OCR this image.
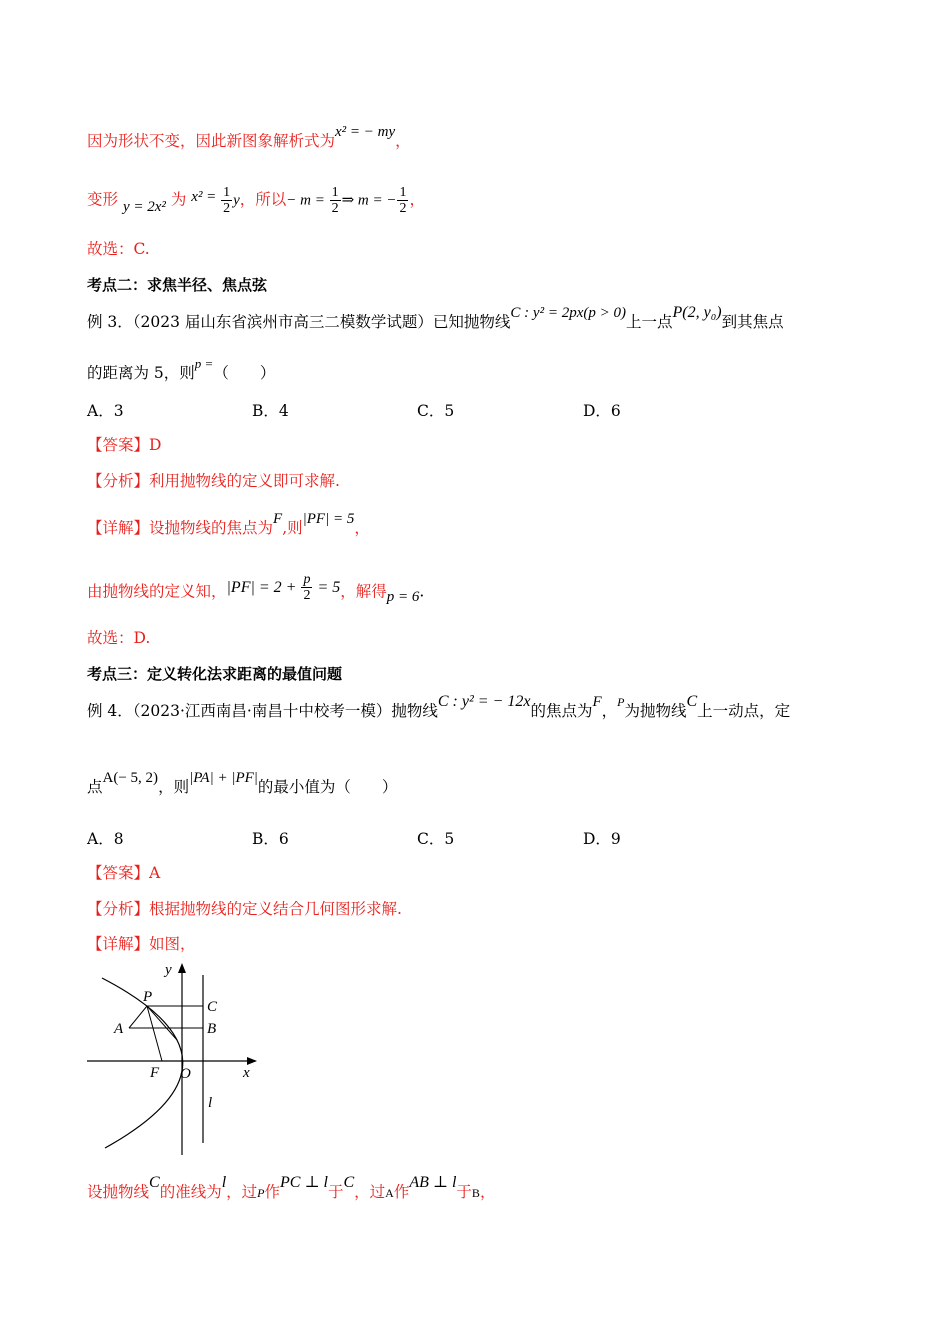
因为形状不变，因此新图象解析式为x² = − my，
变形 y = 2x² 为 $x^2 = \frac{1}{2}$ y，所以− $m = \frac{1}{2}$ ⇒ m = − $\frac{1}{2}$ ，
故选：C.
考点二：求焦半径、焦点弦
例 3．（2023 届山东省滨州市高三二模数学试题）已知抛物线C : y² = 2px(p > 0)上一点P(2, y₀)到其焦点
的距离为 5，则$^{p =}$（　　）
A．3	B．4	C．5	D．6
【答案】D
【分析】利用抛物线的定义即可求解.
【详解】设抛物线的焦点为F,则|PF| = 5，
由抛物线的定义知，$|PF| = 2 + \frac{p}{2} = 5$，解得p = 6.
故选：D.
考点三：定义转化法求距离的最值问题
例 4．（2023·江西南昌·南昌十中校考一模）抛物线C : y² = − 12x的焦点为F，$^P$为抛物线C上一动点，定
点A(− 5, 2)，则|PA| + |PF|的最小值为（　　）
A．8	B．6	C．5	D．9
【答案】A
【分析】根据抛物线的定义结合几何图形求解.
【详解】如图，
y
x
P
C
A	B
F O
l
设抛物线C的准线为l，过P作PC ⊥ l于C，过A作AB ⊥ l于B，
